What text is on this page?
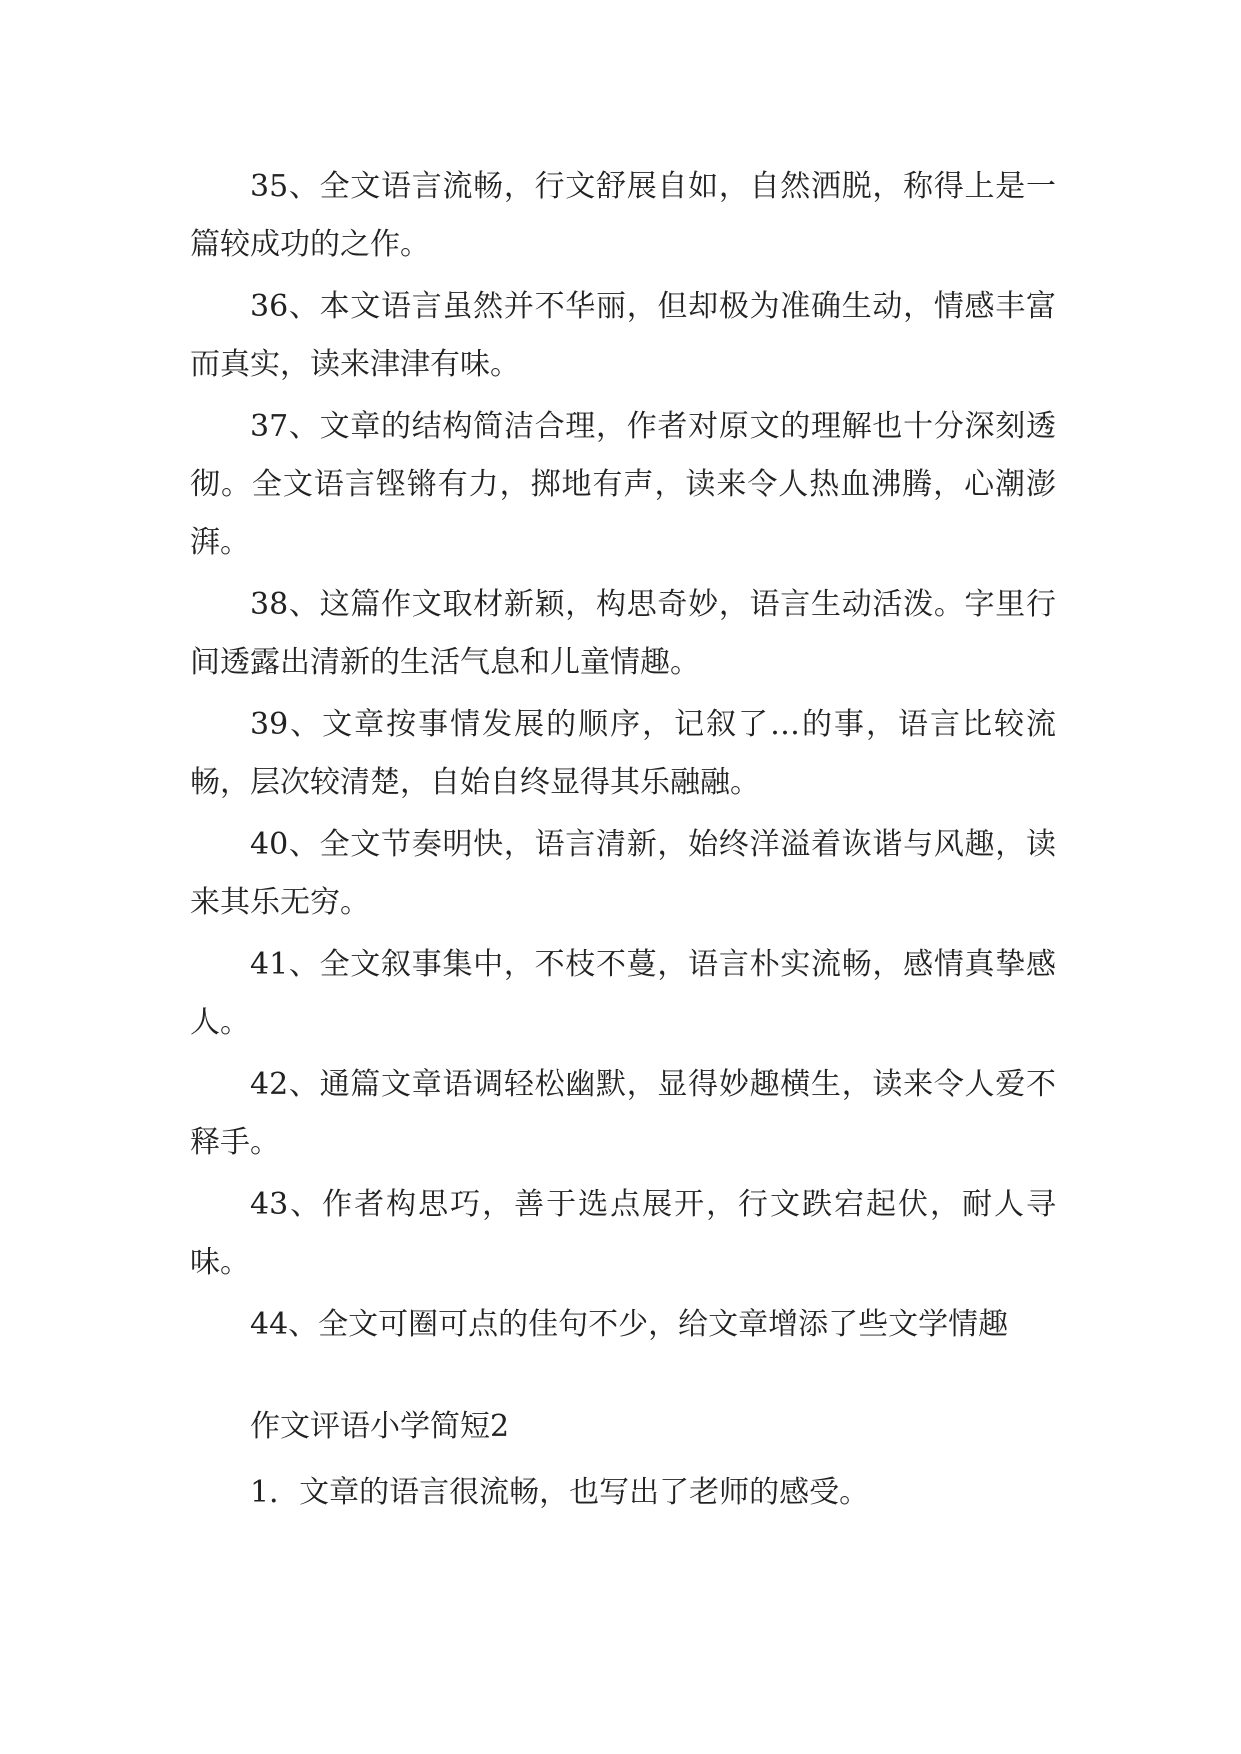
35、全文语言流畅，行文舒展自如，自然洒脱，称得上是一篇较成功的之作。

36、本文语言虽然并不华丽，但却极为准确生动，情感丰富而真实，读来津津有味。

37、文章的结构简洁合理，作者对原文的理解也十分深刻透彻。全文语言铿锵有力，掷地有声，读来令人热血沸腾，心潮澎湃。

38、这篇作文取材新颖，构思奇妙，语言生动活泼。字里行间透露出清新的生活气息和儿童情趣。

39、文章按事情发展的顺序，记叙了…的事，语言比较流畅，层次较清楚，自始自终显得其乐融融。

40、全文节奏明快，语言清新，始终洋溢着诙谐与风趣，读来其乐无穷。

41、全文叙事集中，不枝不蔓，语言朴实流畅，感情真挚感人。

42、通篇文章语调轻松幽默，显得妙趣横生，读来令人爱不释手。

43、作者构思巧，善于选点展开，行文跌宕起伏，耐人寻味。

44、全文可圈可点的佳句不少，给文章增添了些文学情趣

作文评语小学简短2

1．文章的语言很流畅，也写出了老师的感受。
